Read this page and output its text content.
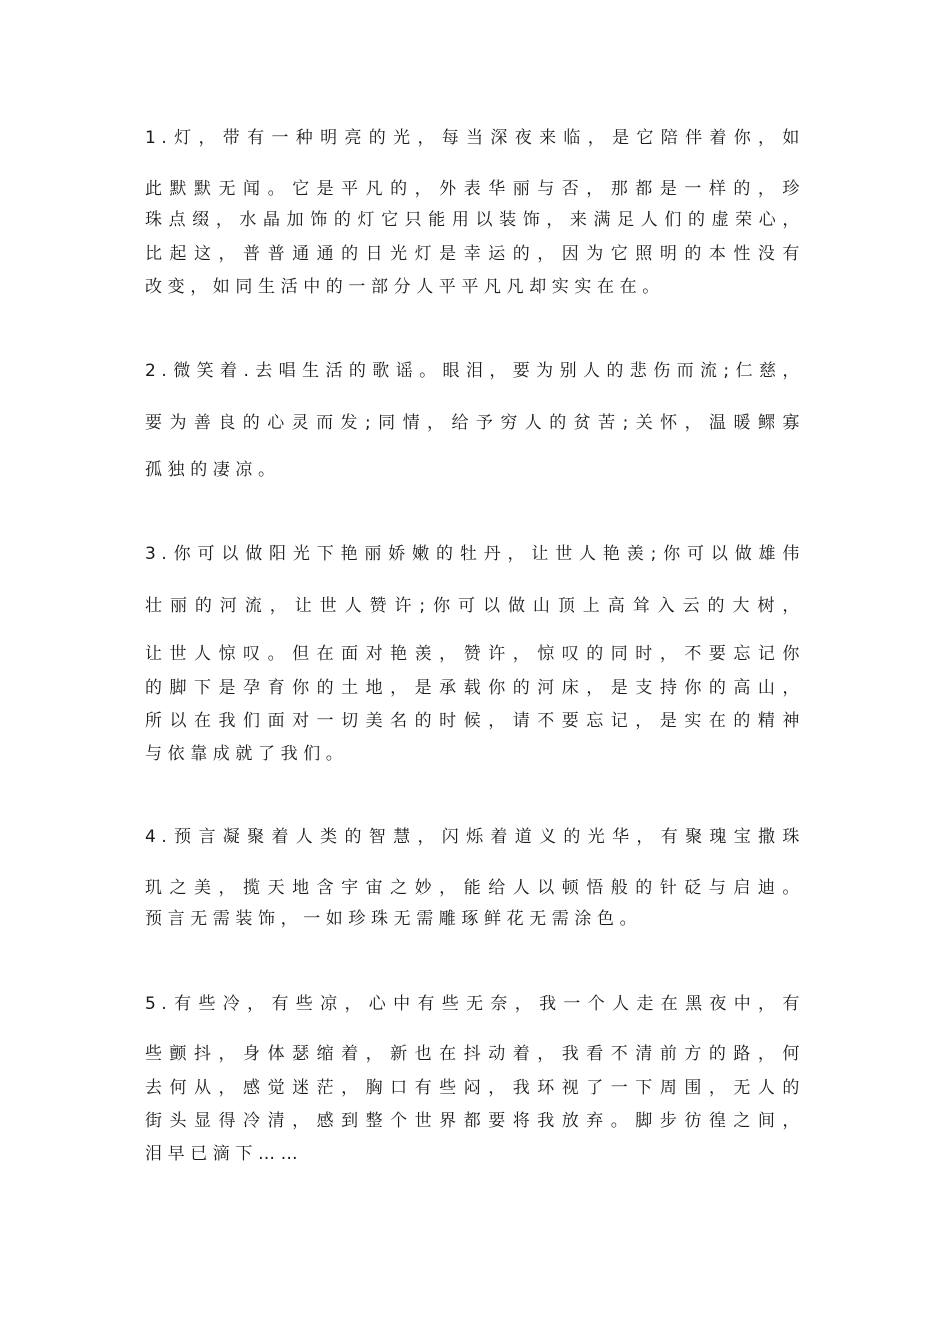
1.灯，带有一种明亮的光，每当深夜来临，是它陪伴着你，如
此默默无闻。它是平凡的，外表华丽与否，那都是一样的，珍
珠点缀，水晶加饰的灯它只能用以装饰，来满足人们的虚荣心，
比起这，普普通通的日光灯是幸运的，因为它照明的本性没有
改变，如同生活中的一部分人平平凡凡却实实在在。
2.微笑着.去唱生活的歌谣。眼泪，要为别人的悲伤而流;仁慈，
要为善良的心灵而发;同情，给予穷人的贫苦;关怀，温暖鳏寡
孤独的凄凉。
3.你可以做阳光下艳丽娇嫩的牡丹，让世人艳羡;你可以做雄伟
壮丽的河流，让世人赞许;你可以做山顶上高耸入云的大树，
让世人惊叹。但在面对艳羡，赞许，惊叹的同时，不要忘记你
的脚下是孕育你的土地，是承载你的河床，是支持你的高山，
所以在我们面对一切美名的时候，请不要忘记，是实在的精神
与依靠成就了我们。
4.预言凝聚着人类的智慧，闪烁着道义的光华，有聚瑰宝撒珠
玑之美，揽天地含宇宙之妙，能给人以顿悟般的针砭与启迪。
预言无需装饰，一如珍珠无需雕琢鲜花无需涂色。
5.有些冷，有些凉，心中有些无奈，我一个人走在黑夜中，有
些颤抖，身体瑟缩着，新也在抖动着，我看不清前方的路，何
去何从，感觉迷茫，胸口有些闷，我环视了一下周围，无人的
街头显得冷清，感到整个世界都要将我放弃。脚步彷徨之间，
泪早已滴下……
